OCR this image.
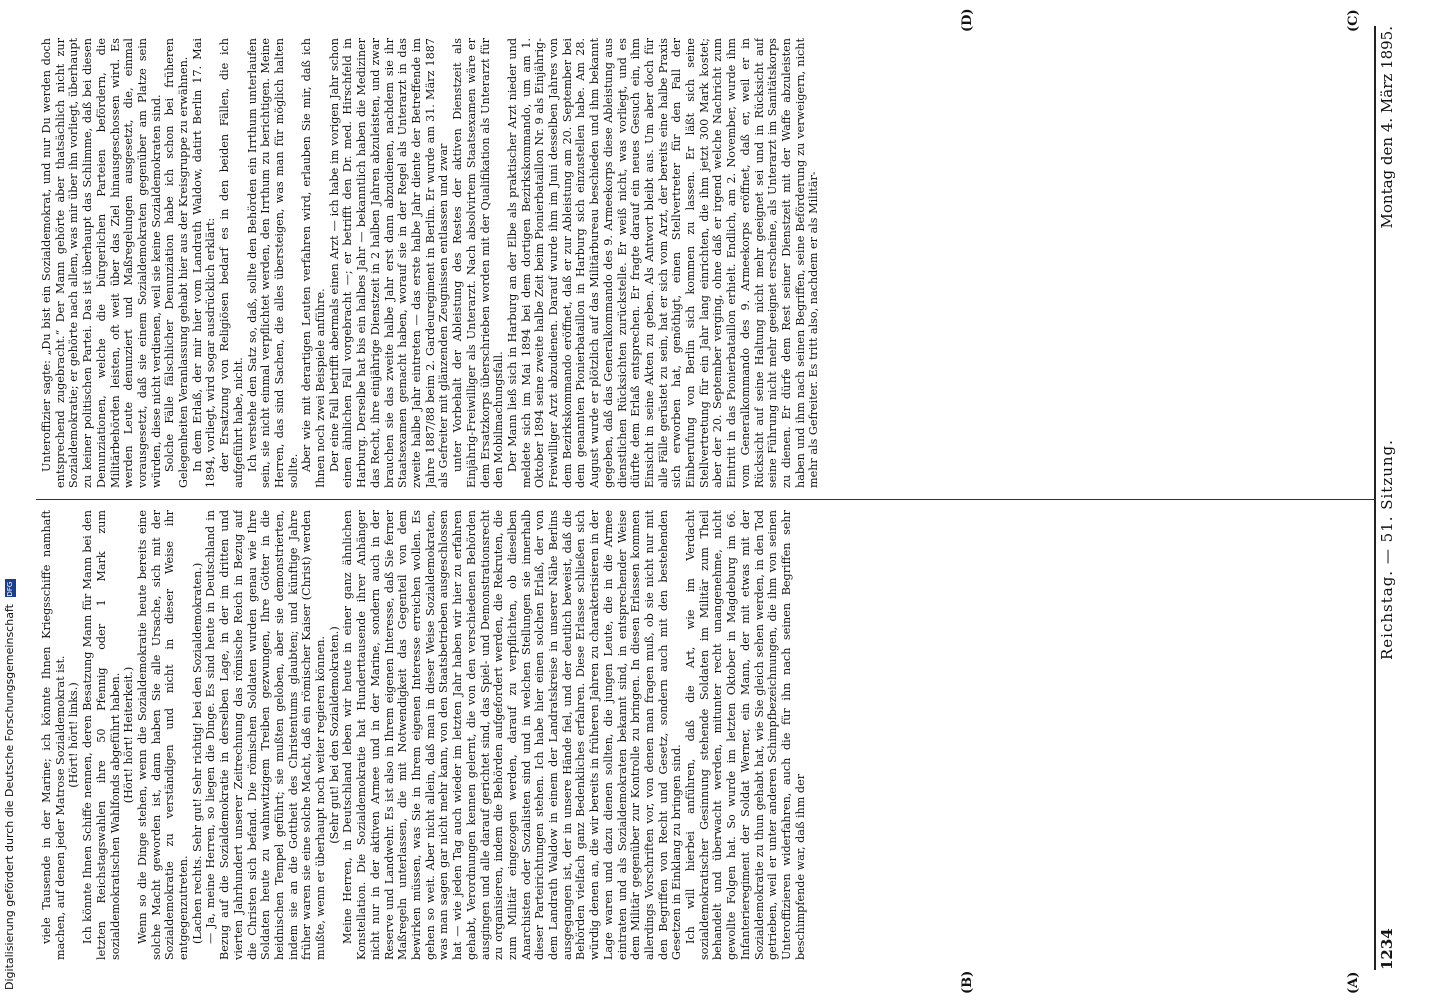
1234
Reichstag. — 51. Sitzung.
Montag den 4. März 1895.
(A)
(B)
(C)
(D)

viele Tausende in der Marine; ich könnte Ihnen Kriegsschiffe namhaft machen, auf denen jeder Matrose Sozialdemokrat ist. (Hört! hört! links.) Ich könnte Ihnen Schiffe nennen, deren Besatzung Mann für Mann bei den letzten Reichstagswahlen ihre 50 Pfennig oder 1 Mark zum sozialdemokratischen Wahlfonds abgeführt haben. (Hört! hört! Heiterkeit.) Wenn so die Dinge stehen, wenn die Sozialdemokratie heute bereits eine solche Macht geworden ist, dann haben Sie alle Ursache, sich mit der Sozialdemokratie zu verständigen und nicht in dieser Weise ihr entgegenzutreten. (Lachen rechts. Sehr gut! Sehr richtig! bei den Sozialdemokraten.) — Ja, meine Herren, so liegen die Dinge. Es sind heute in Deutschland in Bezug auf die Sozialdemokratie in derselben Lage, in der im dritten und vierten Jahrhundert unserer Zeitrechnung das römische Reich in Bezug auf die Christen sich befand. Die römischen Soldaten wurden genau wie Ihre Soldaten heute zu wahnwitzigem Treiben gezwungen, Ihre Götter in die heidnischen Tempel geführt; sie mußten geloben, aber sie demonstrierten, indem sie an die Gottheit des Christentums glaubten; und künftige Jahre früher waren sie eine solche Macht, daß ein römischer Kaiser (Christ) werden mußte, wenn er überhaupt noch weiter regieren können. (Sehr gut! bei den Sozialdemokraten.) Meine Herren, in Deutschland leben wir heute in einer ganz ähnlichen Konstellation. Die Sozialdemokratie hat Hunderttausende ihrer Anhänger nicht nur in der aktiven Armee und in der Marine, sondern auch in der Reserve und Landwehr. Es ist also in Ihrem eigenen Interesse, daß Sie ferner Maßregeln unterlassen, die mit Notwendigkeit das Gegenteil von dem bewirken müssen, was Sie in Ihrem eigenen Interesse erreichen wollen. Es gehen so weit. Aber nicht allein, daß man in dieser Weise Sozialdemokraten, was man sagen gar nicht mehr kann, von den Staatsbetrieben ausgeschlossen hat — wie jeden Tag auch wieder im letzten Jahr haben wir hier zu erfahren gehabt, Verordnungen kennen gelernt, die von den verschiedenen Behörden ausgingen und alle darauf gerichtet sind, das Spiel- und Demonstrationsrecht zu organisieren, indem die Behörden aufgefordert werden, die Rekruten, die zum Militär eingezogen werden, darauf zu verpflichten, ob dieselben Anarchisten oder Sozialisten sind und in welchen Stellungen sie innerhalb dieser Parteirichtungen stehen. Ich habe hier einen solchen Erlaß, der von dem Landrath Waldow in einem der Landratskreise in unserer Nähe Berlins ausgegangen ist, der in unsere Hände fiel, und der deutlich beweist, daß die Behörden vielfach ganz Bedenkliches erfahren. Diese Erlasse schließen sich würdig denen an, die wir bereits in früheren Jahren zu charakterisieren in der Lage waren und dazu dienen sollten, die jungen Leute, die in die Armee eintraten und als Sozialdemokraten bekannt sind, in entsprechender Weise dem Militär gegenüber zur Kontrolle zu bringen. In diesen Erlassen kommen allerdings Vorschriften vor, von denen man fragen muß, ob sie nicht nur mit den Begriffen von Recht und Gesetz, sondern auch mit den bestehenden Gesetzen in Einklang zu bringen sind. Ich will hierbei anführen, daß die Art, wie im Verdacht sozialdemokratischer Gesinnung stehende Soldaten im Militär zum Theil behandelt und überwacht werden, mitunter recht unangenehme, nicht gewollte Folgen hat. So wurde im letzten Oktober in Magdeburg im 66. Infanterieregiment der Soldat Werner, ein Mann, der mit etwas mit der Sozialdemokratie zu thun gehabt hat, wie Sie gleich sehen werden, in den Tod getrieben, weil er unter anderen Schimpfbezeichnungen, die ihm von seinen Unteroffizieren widerfahren, auch die für ihn nach seinen Begriffen sehr beschimpfende war, daß ihm der

Unteroffizier sagte: „Du bist ein Sozialdemokrat, und nur Du werden doch entsprechend zugebracht.“ Der Mann gehörte aber thatsächlich nicht zur Sozialdemokratie; er gehörte nach allem, was mir über ihn vorliegt, überhaupt zu keiner politischen Partei. Das ist überhaupt das Schlimme, daß bei diesen Denunziationen, welche die bürgerlichen Parteien befördern, die Militärbehörden leisten, oft weit über das Ziel hinausgeschossen wird. Es werden Leute denunziert und Maßregelungen ausgesetzt, die, einmal vorausgesetzt, daß sie einem Sozialdemokraten gegenüber am Platze sein würden, diese nicht verdienen, weil sie keine Sozialdemokraten sind. Solche Fälle fälschlicher Denunziation habe ich schon bei früheren Gelegenheiten Veranlassung gehabt hier aus der Kreisgruppe zu erwähnen. In dem Erlaß, der mir hier vom Landrath Waldow, datirt Berlin 17. Mai 1894, vorliegt, wird sogar ausdrücklich erklärt: der Ersatzung von Religiösen bedarf es in den beiden Fällen, die ich aufgeführt habe, nicht. Ich verstehe den Satz so, daß, sollte den Behörden ein Irrthum unterlaufen sein, sie nicht einmal verpflichtet werden, den Irrthum zu berichtigen. Meine Herren, das sind Sachen, die alles übersteigen, was man für möglich halten sollte. Aber wie mit derartigen Leuten verfahren wird, erlauben Sie mir, daß ich Ihnen noch zwei Beispiele anführe. Der eine Fall betrifft abermals einen Arzt — ich habe im vorigen Jahr schon einen ähnlichen Fall vorgebracht —; er betrifft den Dr. med. Hirschfeld in Harburg. Derselbe hat bis ein halbes Jahr — bekanntlich haben die Mediziner das Recht, ihre einjährige Dienstzeit in 2 halben Jahren abzuleisten, und zwar brauchen sie das zweite halbe Jahr erst dann abzudienen, nachdem sie ihr Staatsexamen gemacht haben, worauf sie in der Regel als Unterarzt in das zweite halbe Jahr eintreten — das erste halbe Jahr diente der Betreffende im Jahre 1887/88 beim 2. Gardeuregiment in Berlin. Er wurde am 31. März 1887 als Gefreiter mit glänzenden Zeugnissen entlassen und zwar unter Vorbehalt der Ableistung des Restes der aktiven Dienstzeit als Einjährig-Freiwilliger als Unterarzt. Nach absolvirtem Staatsexamen wäre er dem Ersatzkorps überschrieben worden mit der Qualifikation als Unterarzt für den Mobilmachungsfall. Der Mann ließ sich in Harburg an der Elbe als praktischer Arzt nieder und meldete sich im Mai 1894 bei dem dortigen Bezirkskommando, um am 1. Oktober 1894 seine zweite halbe Zeit beim Pionierbataillon Nr. 9 als Einjährig-Freiwilliger Arzt abzudienen. Darauf wurde ihm im Juni desselben Jahres von dem Bezirkskommando eröffnet, daß er zur Ableistung am 20. September bei dem genannten Pionierbataillon in Harburg sich einzustellen habe. Am 28. August wurde er plötzlich auf das Militärbureau beschieden und ihm bekannt gegeben, daß das Generalkommando des 9. Armeekorps diese Ableistung aus dienstlichen Rücksichten zurückstelle. Er weiß nicht, was vorliegt, und es dürfte dem Erlaß entsprechen. Er fragte darauf ein neues Gesuch ein, ihm Einsicht in seine Akten zu geben. Als Antwort bleibt aus. Um aber doch für alle Fälle gerüstet zu sein, hat er sich vom Arzt, der bereits eine halbe Praxis sich erworben hat, genöthigt, einen Stellvertreter für den Fall der Einberufung von Berlin sich kommen zu lassen. Er läßt sich seine Stellvertretung für ein Jahr lang einrichten, die ihm jetzt 300 Mark kostet; aber der 20. September verging, ohne daß er irgend welche Nachricht zum Eintritt in das Pionierbataillon erhielt. Endlich, am 2. November, wurde ihm vom Generalkommando des 9. Armeekorps eröffnet, daß er, weil er in Rücksicht auf seine Haltung nicht mehr geeignet sei und in Rücksicht auf seine Führung nicht mehr geeignet erscheine, als Unterarzt im Sanitätskorps zu dienen. Er dürfe dem Rest seiner Dienstzeit mit der Waffe abzuleisten haben und ihm nach seinen Begriffen, seine Beförderung zu verweigern, nicht mehr als Gefreiter. Es tritt also, nachdem er als Militär-

Digitalisierung gefördert durch die Deutsche Forschungsgemeinschaft DFG
